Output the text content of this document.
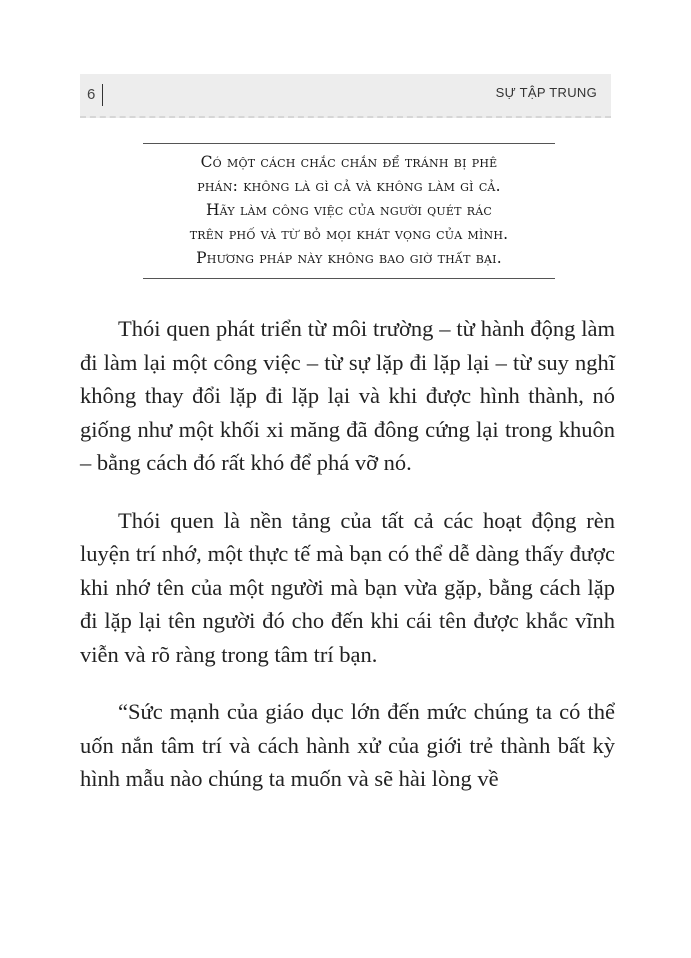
6	SỰ TẬP TRUNG
Có một cách chắc chắn để tránh bị phê
phán: không là gì cả và không làm gì cả.
Hãy làm công việc của người quét rác
trên phố và từ bỏ mọi khát vọng của mình.
Phương pháp này không bao giờ thất bại.

Thói quen phát triển từ môi trường – từ hành động làm đi làm lại một công việc – từ sự lặp đi lặp lại – từ suy nghĩ không thay đổi lặp đi lặp lại và khi được hình thành, nó giống như một khối xi măng đã đông cứng lại trong khuôn – bằng cách đó rất khó để phá vỡ nó.

Thói quen là nền tảng của tất cả các hoạt động rèn luyện trí nhớ, một thực tế mà bạn có thể dễ dàng thấy được khi nhớ tên của một người mà bạn vừa gặp, bằng cách lặp đi lặp lại tên người đó cho đến khi cái tên được khắc vĩnh viễn và rõ ràng trong tâm trí bạn.

“Sức mạnh của giáo dục lớn đến mức chúng ta có thể uốn nắn tâm trí và cách hành xử của giới trẻ thành bất kỳ hình mẫu nào chúng ta muốn và sẽ hài lòng về
